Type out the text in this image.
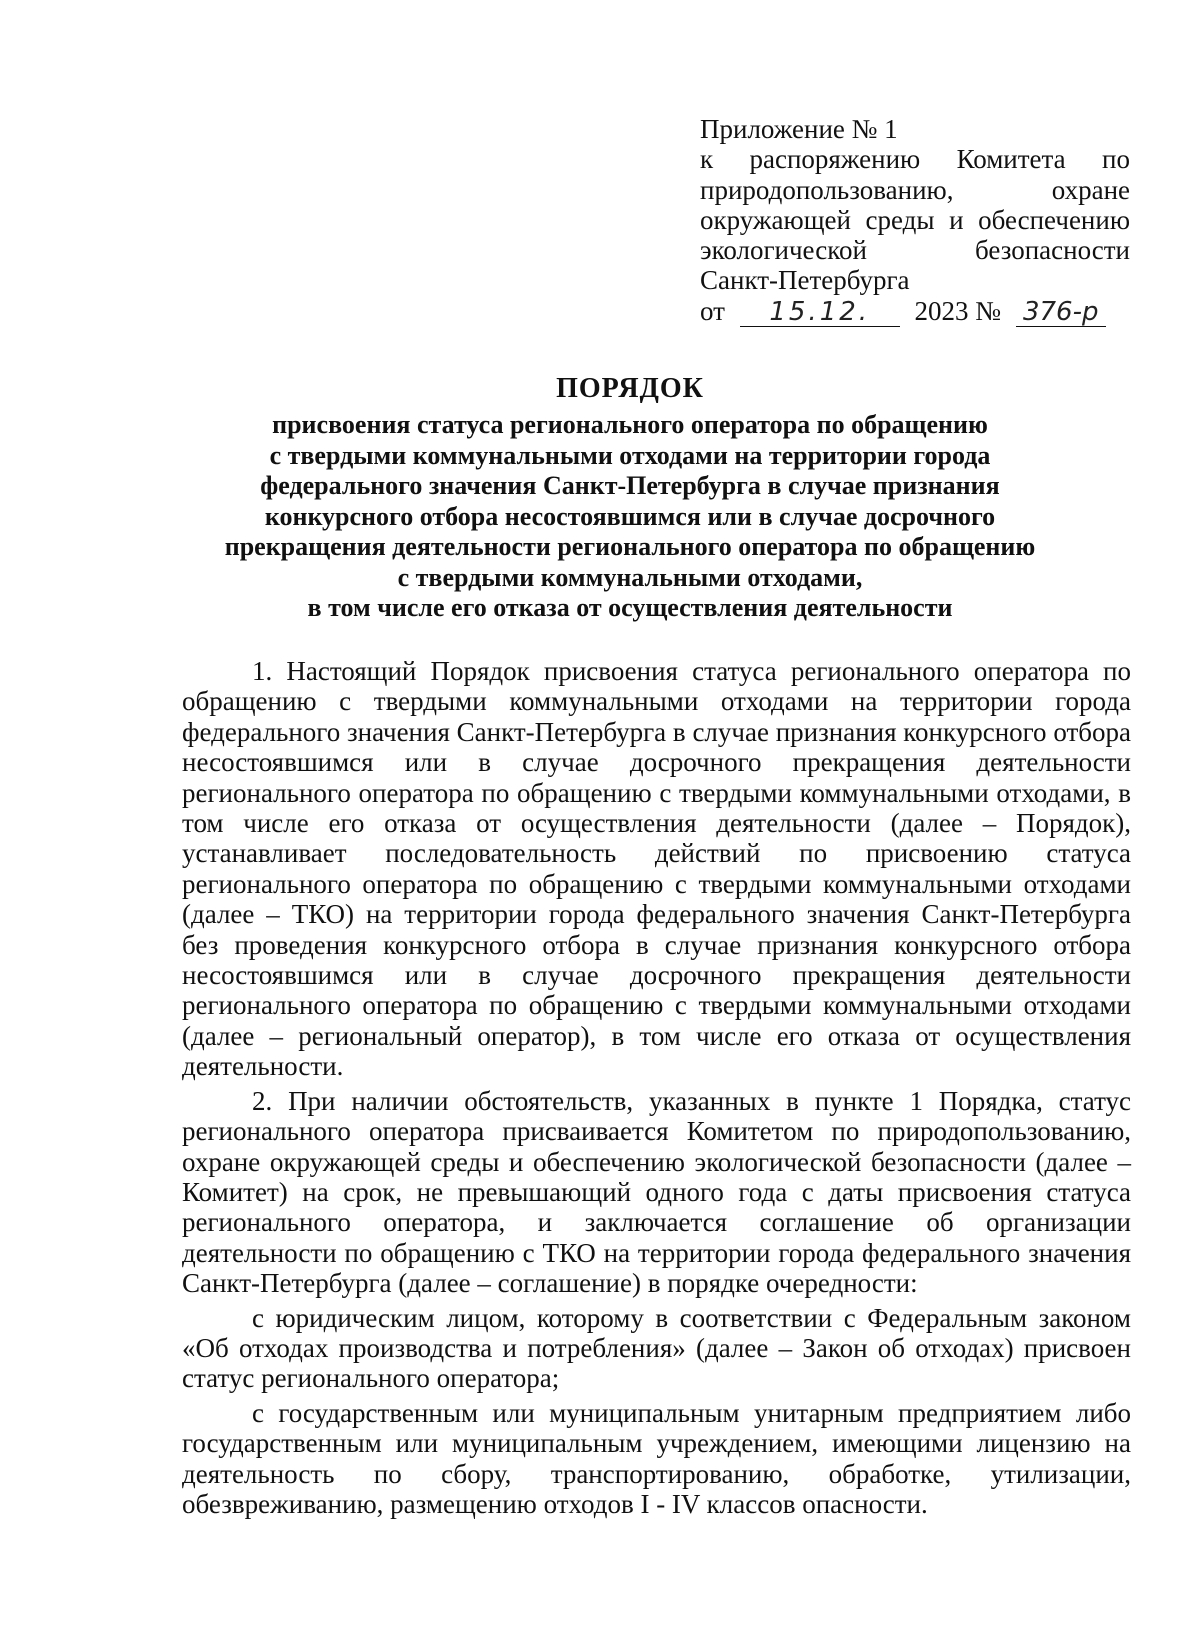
Приложение № 1
к распоряжению Комитета по природопользованию, охране окружающей среды и обеспечению экологической безопасности
Санкт-Петербурга
от 15.12. 2023 № 376-р
ПОРЯДОК
присвоения статуса регионального оператора по обращению
с твердыми коммунальными отходами на территории города
федерального значения Санкт-Петербурга в случае признания
конкурсного отбора несостоявшимся или в случае досрочного
прекращения деятельности регионального оператора по обращению
с твердыми коммунальными отходами,
в том числе его отказа от осуществления деятельности

1. Настоящий Порядок присвоения статуса регионального оператора по обращению с твердыми коммунальными отходами на территории города федерального значения Санкт-Петербурга в случае признания конкурсного отбора несостоявшимся или в случае досрочного прекращения деятельности регионального оператора по обращению с твердыми коммунальными отходами, в том числе его отказа от осуществления деятельности (далее – Порядок), устанавливает последовательность действий по присвоению статуса регионального оператора по обращению с твердыми коммунальными отходами (далее – ТКО) на территории города федерального значения Санкт-Петербурга без проведения конкурсного отбора в случае признания конкурсного отбора несостоявшимся или в случае досрочного прекращения деятельности регионального оператора по обращению с твердыми коммунальными отходами (далее – региональный оператор), в том числе его отказа от осуществления деятельности.

2. При наличии обстоятельств, указанных в пункте 1 Порядка, статус регионального оператора присваивается Комитетом по природопользованию, охране окружающей среды и обеспечению экологической безопасности (далее – Комитет) на срок, не превышающий одного года с даты присвоения статуса регионального оператора, и заключается соглашение об организации деятельности по обращению с ТКО на территории города федерального значения Санкт-Петербурга (далее – соглашение) в порядке очередности:

с юридическим лицом, которому в соответствии с Федеральным законом «Об отходах производства и потребления» (далее – Закон об отходах) присвоен статус регионального оператора;

с государственным или муниципальным унитарным предприятием либо государственным или муниципальным учреждением, имеющими лицензию на деятельность по сбору, транспортированию, обработке, утилизации, обезвреживанию, размещению отходов I - IV классов опасности.
